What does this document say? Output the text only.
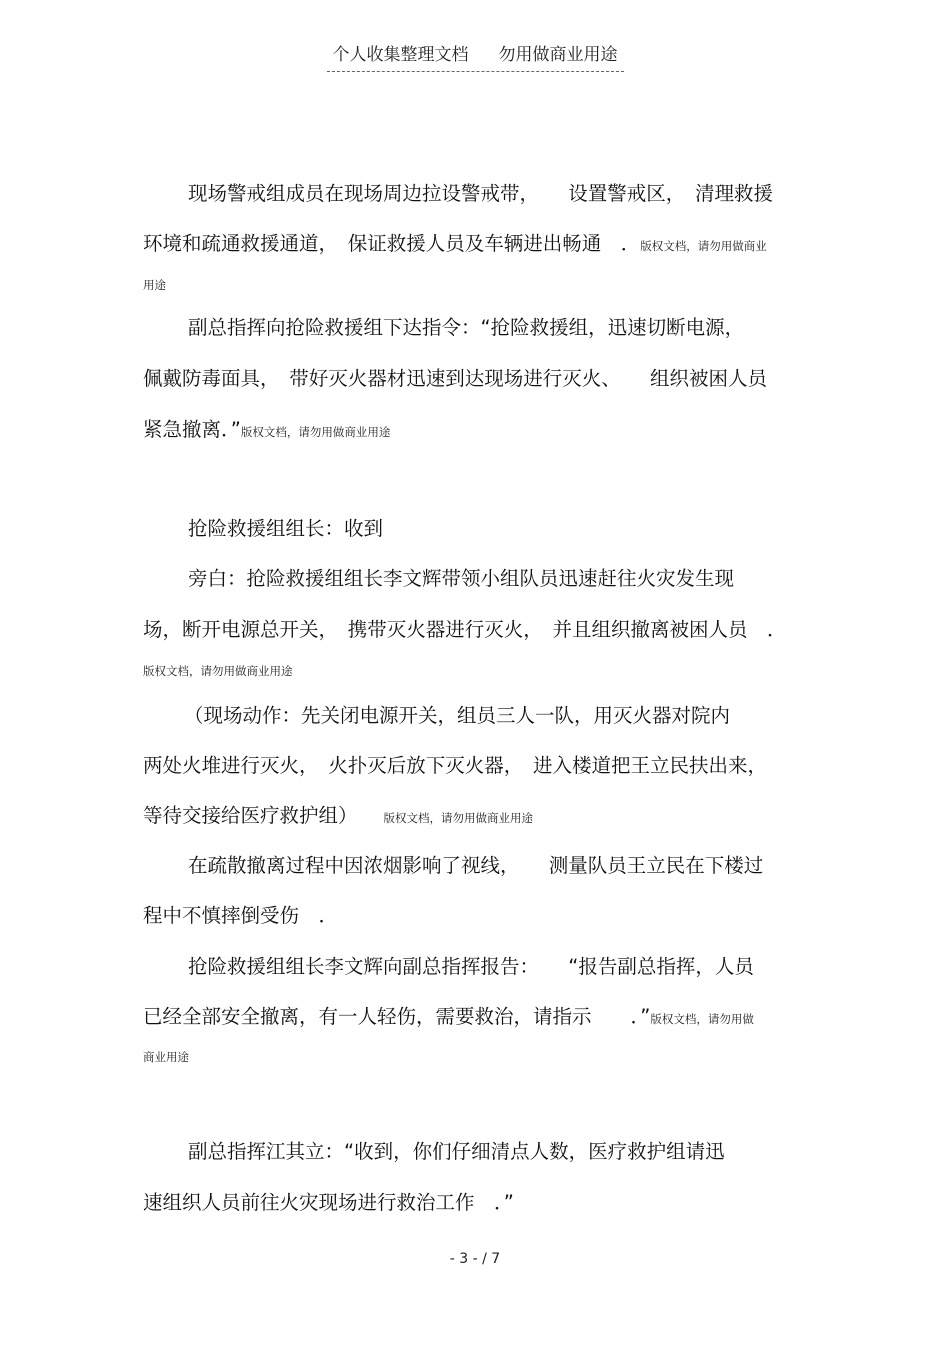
个人收集整理文档 勿用做商业用途
现场警戒组成员在现场周边拉设警戒带，　　设置警戒区，　清理救援
环境和疏通救援通道，　保证救援人员及车辆进出畅通　．版权文档，请勿用做商业
用途
副总指挥向抢险救援组下达指令：“抢险救援组，迅速切断电源，
佩戴防毒面具，　带好灭火器材迅速到达现场进行灭火、　　组织被困人员
紧急撤离．”版权文档，请勿用做商业用途
抢险救援组组长：收到
旁白：抢险救援组组长李文辉带领小组队员迅速赶往火灾发生现
场，断开电源总开关，　携带灭火器进行灭火，　并且组织撤离被困人员　．
版权文档，请勿用做商业用途
（现场动作：先关闭电源开关，组员三人一队，用灭火器对院内
两处火堆进行灭火，　火扑灭后放下灭火器，　进入楼道把王立民扶出来，
等待交接给医疗救护组） 版权文档，请勿用做商业用途
在疏散撤离过程中因浓烟影响了视线，　　测量队员王立民在下楼过
程中不慎摔倒受伤　．
抢险救援组组长李文辉向副总指挥报告：　　“报告副总指挥，人员
已经全部安全撤离，有一人轻伤，需要救治，请指示　　．”版权文档，请勿用做
商业用途
副总指挥江其立：“收到，你们仔细清点人数，医疗救护组请迅
速组织人员前往火灾现场进行救治工作　．”
- 3 - / 7
